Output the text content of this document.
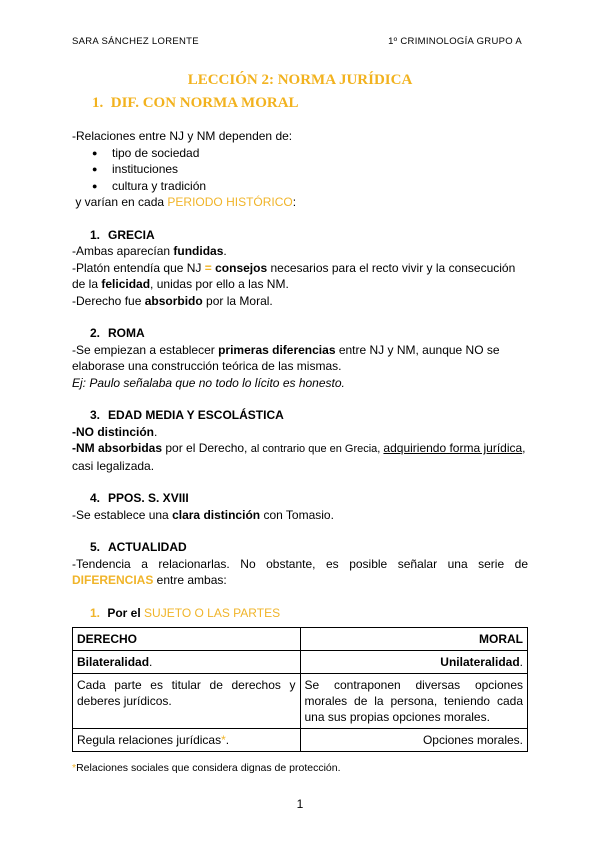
SARA SÁNCHEZ LORENTE	1º CRIMINOLOGÍA GRUPO A
LECCIÓN 2: NORMA JURÍDICA
1. DIF. CON NORMA MORAL
-Relaciones entre NJ y NM dependen de:
● tipo de sociedad
● instituciones
● cultura y tradición
y varían en cada PERIODO HISTÓRICO:
1. GRECIA
-Ambas aparecían fundidas.
-Platón entendía que NJ = consejos necesarios para el recto vivir y la consecución de la felicidad, unidas por ello a las NM.
-Derecho fue absorbido por la Moral.
2. ROMA
-Se empiezan a establecer primeras diferencias entre NJ y NM, aunque NO se elaborase una construcción teórica de las mismas.
Ej: Paulo señalaba que no todo lo lícito es honesto.
3. EDAD MEDIA Y ESCOLÁSTICA
-NO distinción.
-NM absorbidas por el Derecho, al contrario que en Grecia, adquiriendo forma jurídica, casi legalizada.
4. PPOS. S. XVIII
-Se establece una clara distinción con Tomasio.
5. ACTUALIDAD
-Tendencia a relacionarlas. No obstante, es posible señalar una serie de DIFERENCIAS entre ambas:
1. Por el SUJETO O LAS PARTES
DERECHO	MORAL
Bilateralidad.	Unilateralidad.
Cada parte es titular de derechos y deberes jurídicos.	Se contraponen diversas opciones morales de la persona, teniendo cada una sus propias opciones morales.
Regula relaciones jurídicas*.	Opciones morales.
*Relaciones sociales que considera dignas de protección.
1
